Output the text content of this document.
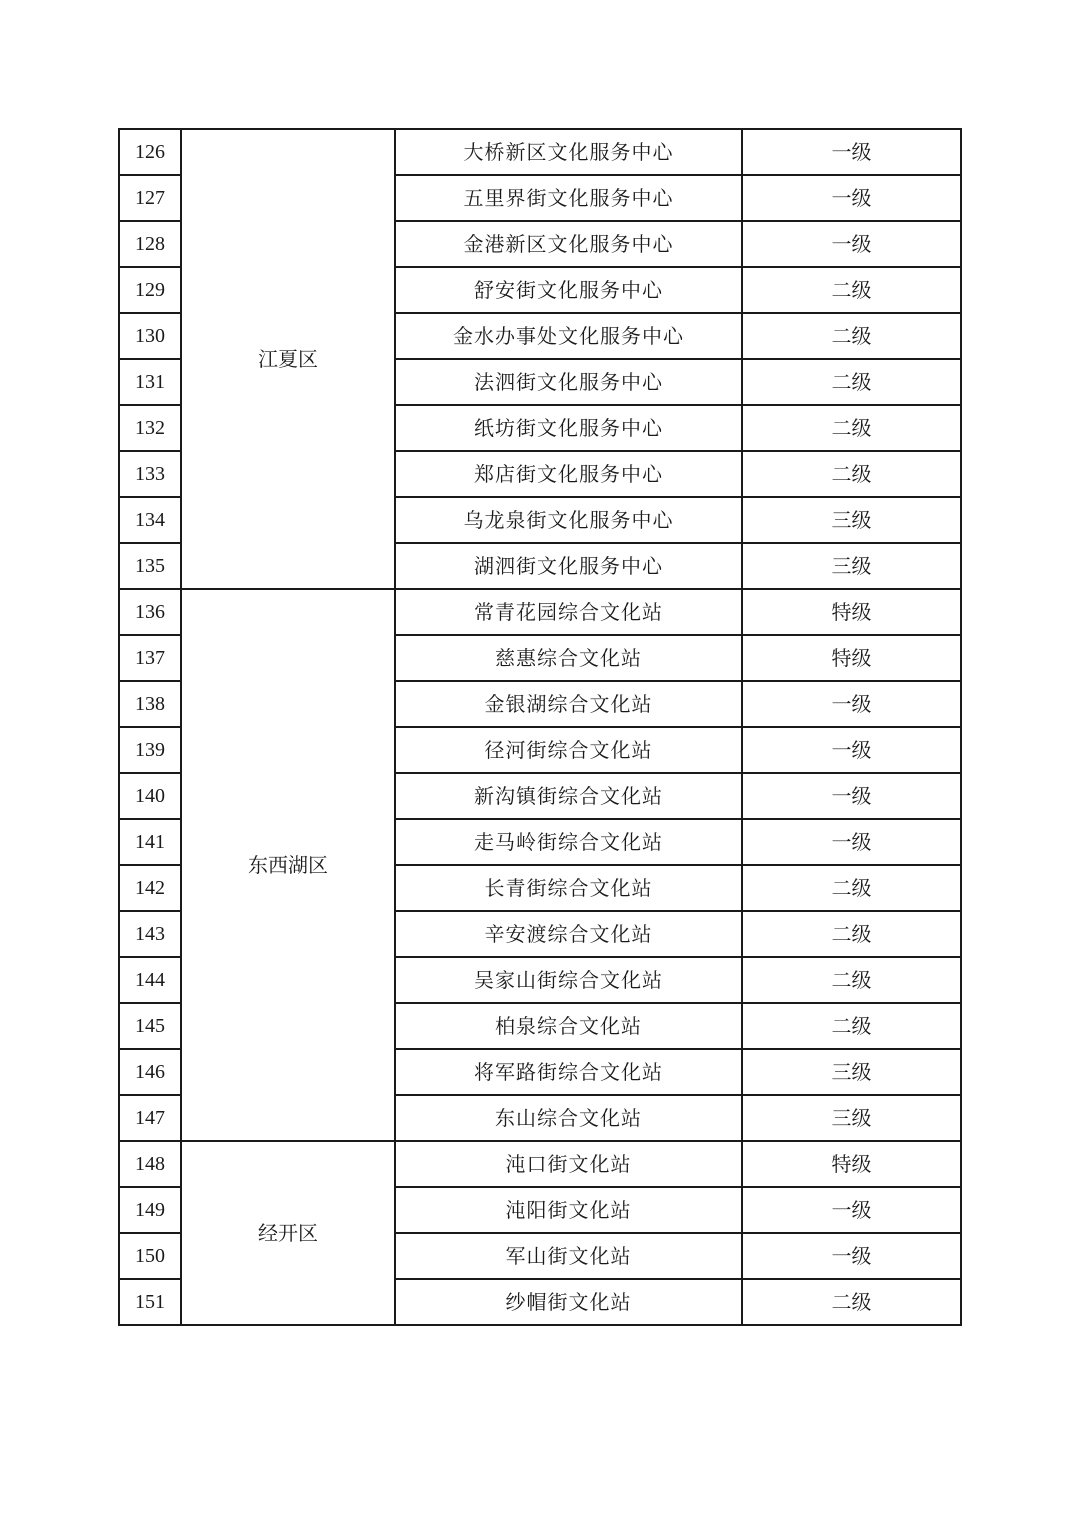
126	江夏区	大桥新区文化服务中心	一级
127		五里界街文化服务中心	一级
128		金港新区文化服务中心	一级
129		舒安街文化服务中心	二级
130		金水办事处文化服务中心	二级
131		法泗街文化服务中心	二级
132		纸坊街文化服务中心	二级
133		郑店街文化服务中心	二级
134		乌龙泉街文化服务中心	三级
135		湖泗街文化服务中心	三级
136	东西湖区	常青花园综合文化站	特级
137		慈惠综合文化站	特级
138		金银湖综合文化站	一级
139		径河街综合文化站	一级
140		新沟镇街综合文化站	一级
141		走马岭街综合文化站	一级
142		长青街综合文化站	二级
143		辛安渡综合文化站	二级
144		吴家山街综合文化站	二级
145		柏泉综合文化站	二级
146		将军路街综合文化站	三级
147		东山综合文化站	三级
148	经开区	沌口街文化站	特级
149		沌阳街文化站	一级
150		军山街文化站	一级
151		纱帽街文化站	二级
